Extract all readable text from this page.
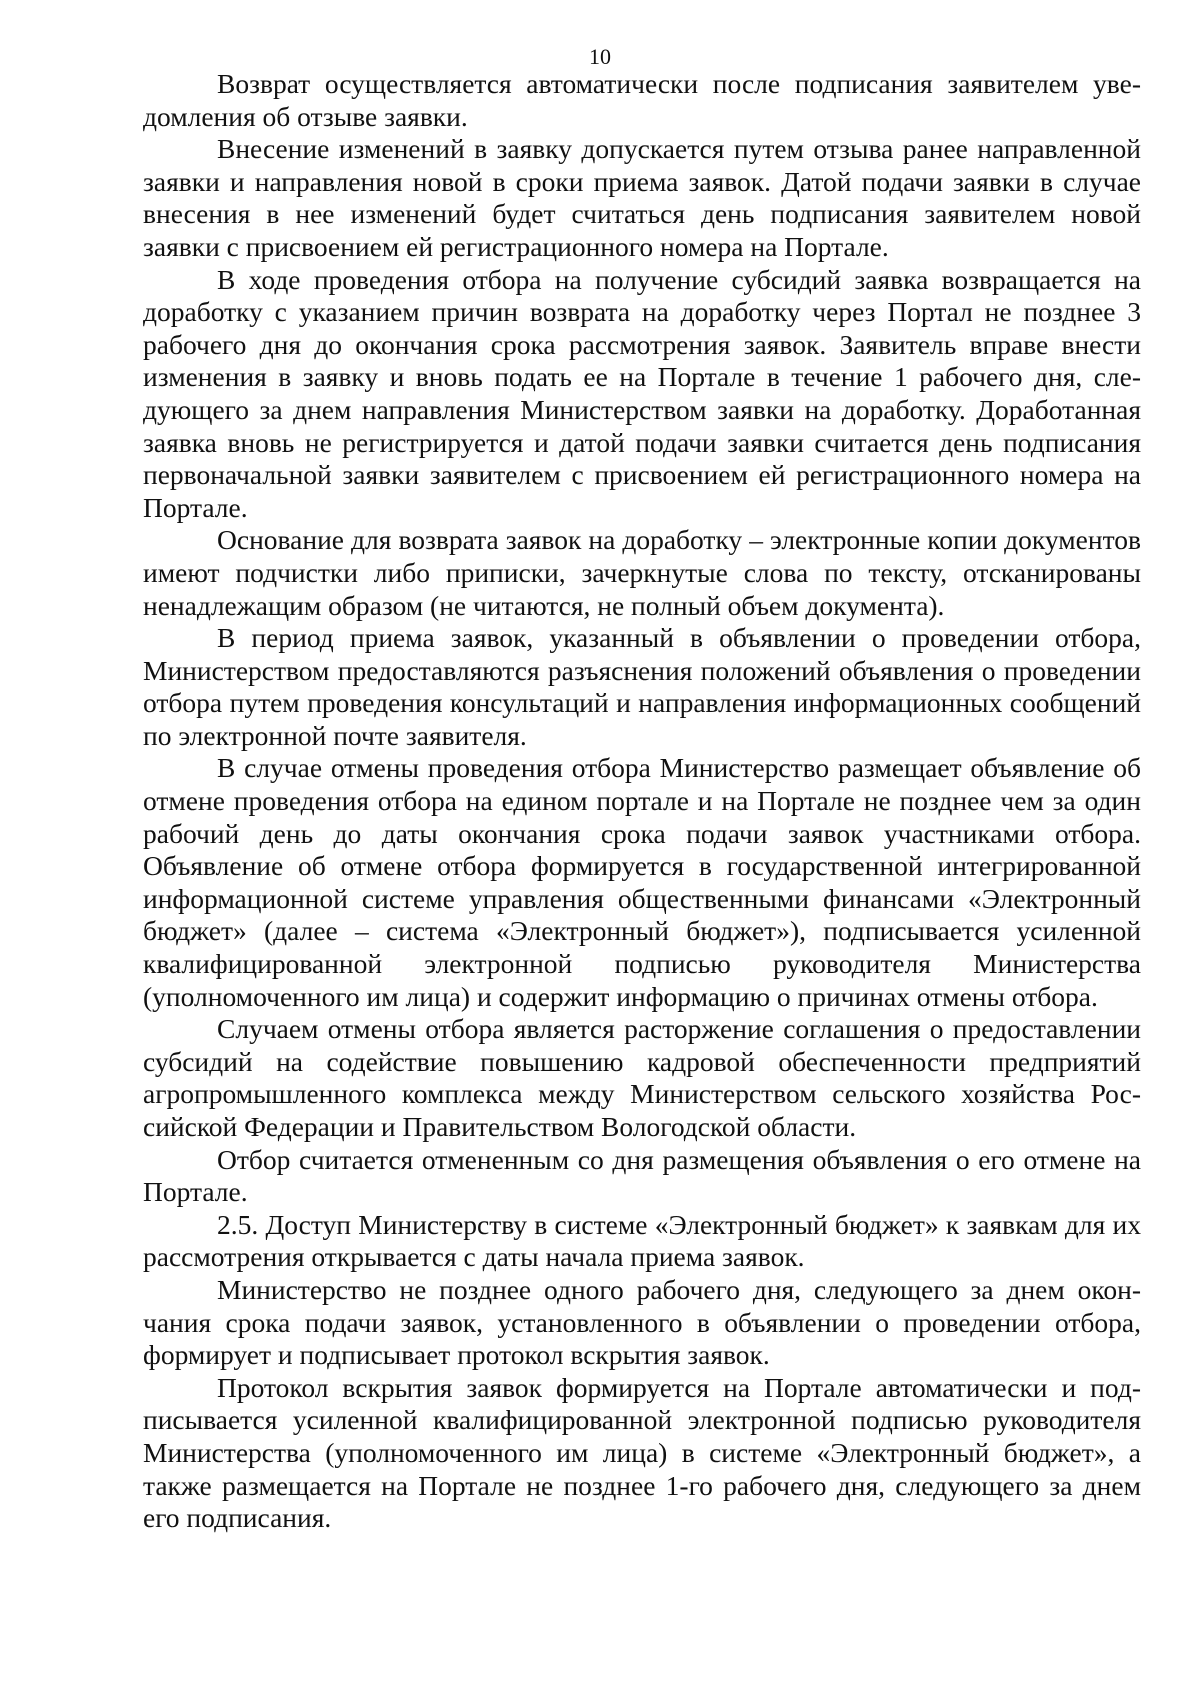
10

Возврат осуществляется автоматически после подписания заявителем уведомления об отзыве заявки.

Внесение изменений в заявку допускается путем отзыва ранее направленной заявки и направления новой в сроки приема заявок. Датой подачи заявки в случае внесения в нее изменений будет считаться день подписания заявителем новой заявки с присвоением ей регистрационного номера на Портале.

В ходе проведения отбора на получение субсидий заявка возвращается на доработку с указанием причин возврата на доработку через Портал не позднее 3 рабочего дня до окончания срока рассмотрения заявок. Заявитель вправе внести изменения в заявку и вновь подать ее на Портале в течение 1 рабочего дня, следующего за днем направления Министерством заявки на доработку. Доработанная заявка вновь не регистрируется и датой подачи заявки считается день подписания первоначальной заявки заявителем с присвоением ей регистрационного номера на Портале.

Основание для возврата заявок на доработку – электронные копии документов имеют подчистки либо приписки, зачеркнутые слова по тексту, отсканированы ненадлежащим образом (не читаются, не полный объем документа).

В период приема заявок, указанный в объявлении о проведении отбора, Министерством предоставляются разъяснения положений объявления о проведении отбора путем проведения консультаций и направления информационных сообщений по электронной почте заявителя.

В случае отмены проведения отбора Министерство размещает объявление об отмене проведения отбора на едином портале и на Портале не позднее чем за один рабочий день до даты окончания срока подачи заявок участниками отбора. Объявление об отмене отбора формируется в государственной интегрированной информационной системе управления общественными финансами «Электронный бюджет» (далее – система «Электронный бюджет»), подписывается усиленной квалифицированной электронной подписью руководителя Министерства (уполномоченного им лица) и содержит информацию о причинах отмены отбора.

Случаем отмены отбора является расторжение соглашения о предоставлении субсидий на содействие повышению кадровой обеспеченности предприятий агропромышленного комплекса между Министерством сельского хозяйства Российской Федерации и Правительством Вологодской области.

Отбор считается отмененным со дня размещения объявления о его отмене на Портале.

2.5. Доступ Министерству в системе «Электронный бюджет» к заявкам для их рассмотрения открывается с даты начала приема заявок.

Министерство не позднее одного рабочего дня, следующего за днем окончания срока подачи заявок, установленного в объявлении о проведении отбора, формирует и подписывает протокол вскрытия заявок.

Протокол вскрытия заявок формируется на Портале автоматически и подписывается усиленной квалифицированной электронной подписью руководителя Министерства (уполномоченного им лица) в системе «Электронный бюджет», а также размещается на Портале не позднее 1-го рабочего дня, следующего за днем его подписания.
